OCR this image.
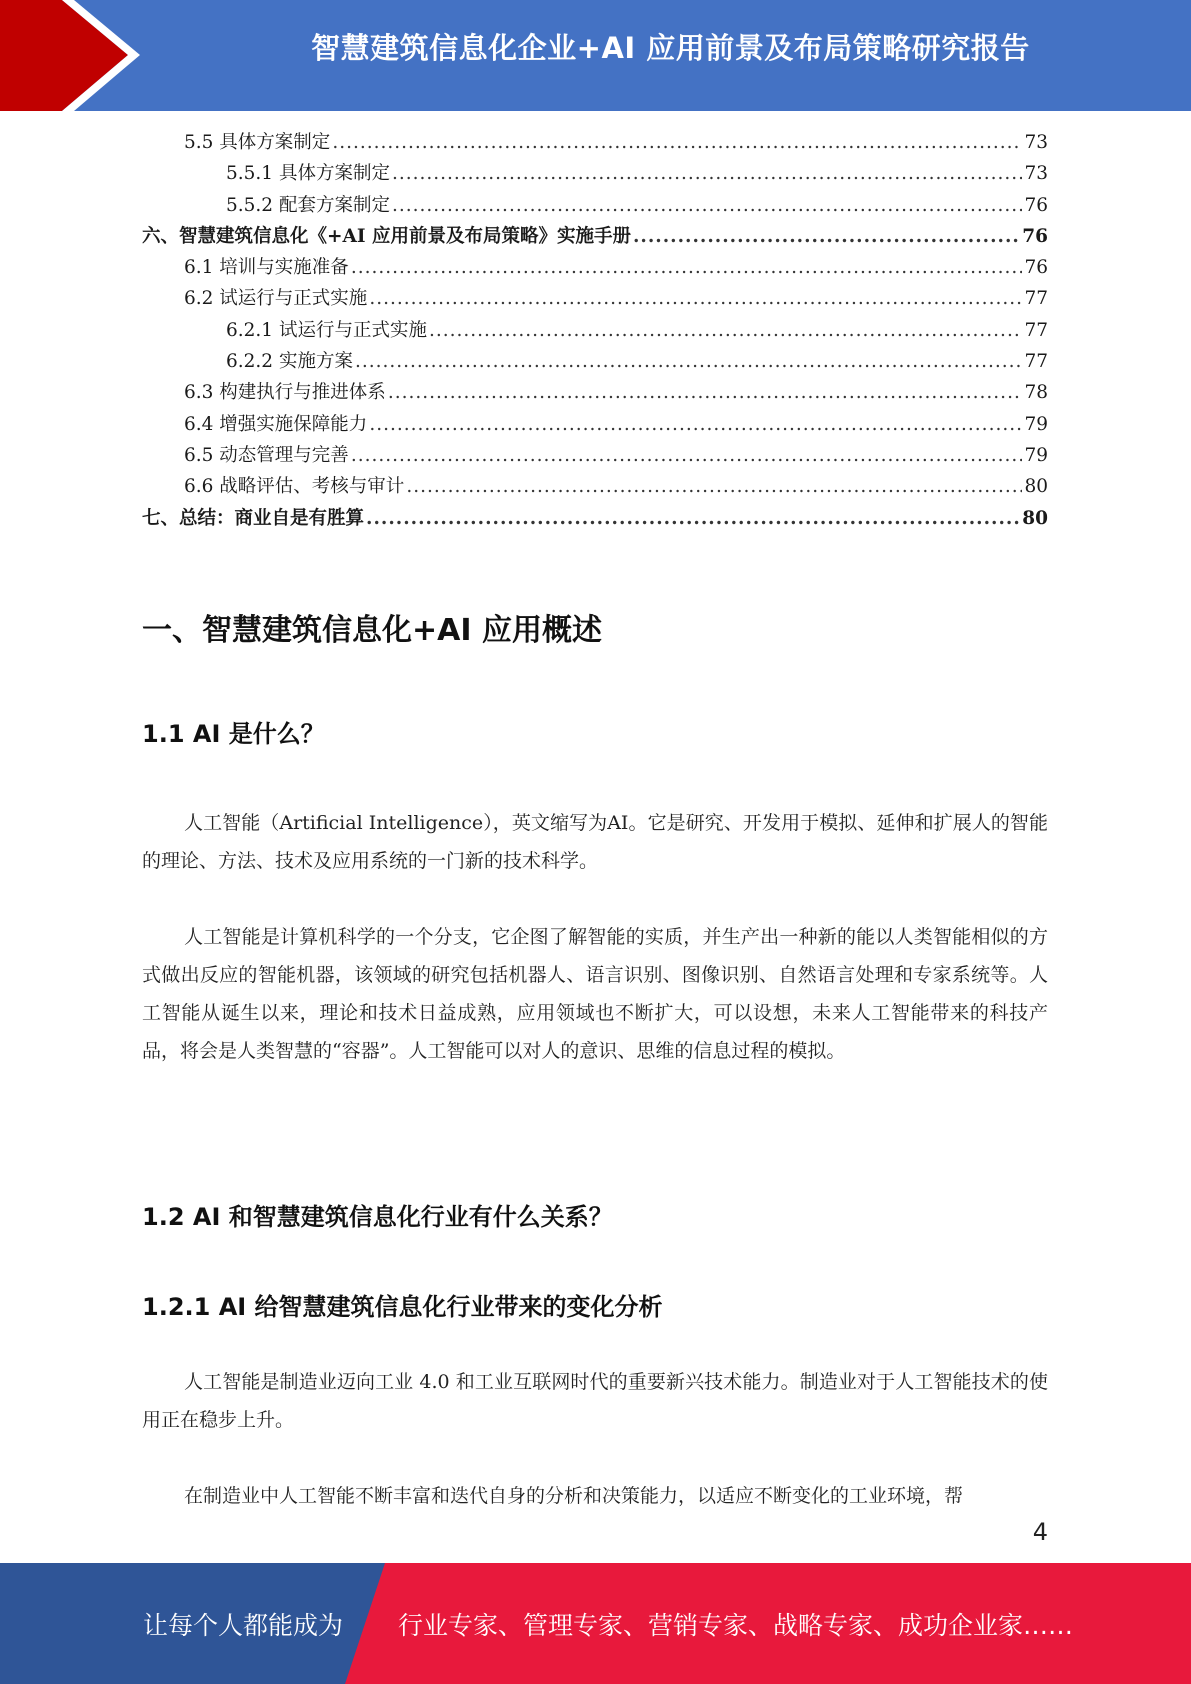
智慧建筑信息化企业+AI 应用前景及布局策略研究报告
5.5 具体方案制定 .....	73
5.5.1 具体方案制定 .....	73
5.5.2 配套方案制定 .....	76
六、智慧建筑信息化《+AI 应用前景及布局策略》实施手册 .....	76
6.1 培训与实施准备 .....	76
6.2 试运行与正式实施 .....	77
6.2.1 试运行与正式实施 .....	77
6.2.2 实施方案 .....	77
6.3 构建执行与推进体系 .....	78
6.4 增强实施保障能力 .....	79
6.5 动态管理与完善 .....	79
6.6 战略评估、考核与审计 .....	80
七、总结：商业自是有胜算 .....	80
一、智慧建筑信息化+AI 应用概述
1.1 AI 是什么？
人工智能（Artificial Intelligence），英文缩写为AI。它是研究、开发用于模拟、延伸和扩展人的智能的理论、方法、技术及应用系统的一门新的技术科学。
人工智能是计算机科学的一个分支，它企图了解智能的实质，并生产出一种新的能以人类智能相似的方式做出反应的智能机器，该领域的研究包括机器人、语言识别、图像识别、自然语言处理和专家系统等。人工智能从诞生以来，理论和技术日益成熟，应用领域也不断扩大，可以设想，未来人工智能带来的科技产品，将会是人类智慧的“容器”。人工智能可以对人的意识、思维的信息过程的模拟。
1.2 AI 和智慧建筑信息化行业有什么关系？
1.2.1 AI 给智慧建筑信息化行业带来的变化分析
人工智能是制造业迈向工业 4.0 和工业互联网时代的重要新兴技术能力。制造业对于人工智能技术的使用正在稳步上升。
在制造业中人工智能不断丰富和迭代自身的分析和决策能力，以适应不断变化的工业环境，帮
4
让每个人都能成为 行业专家、管理专家、营销专家、战略专家、成功企业家……
